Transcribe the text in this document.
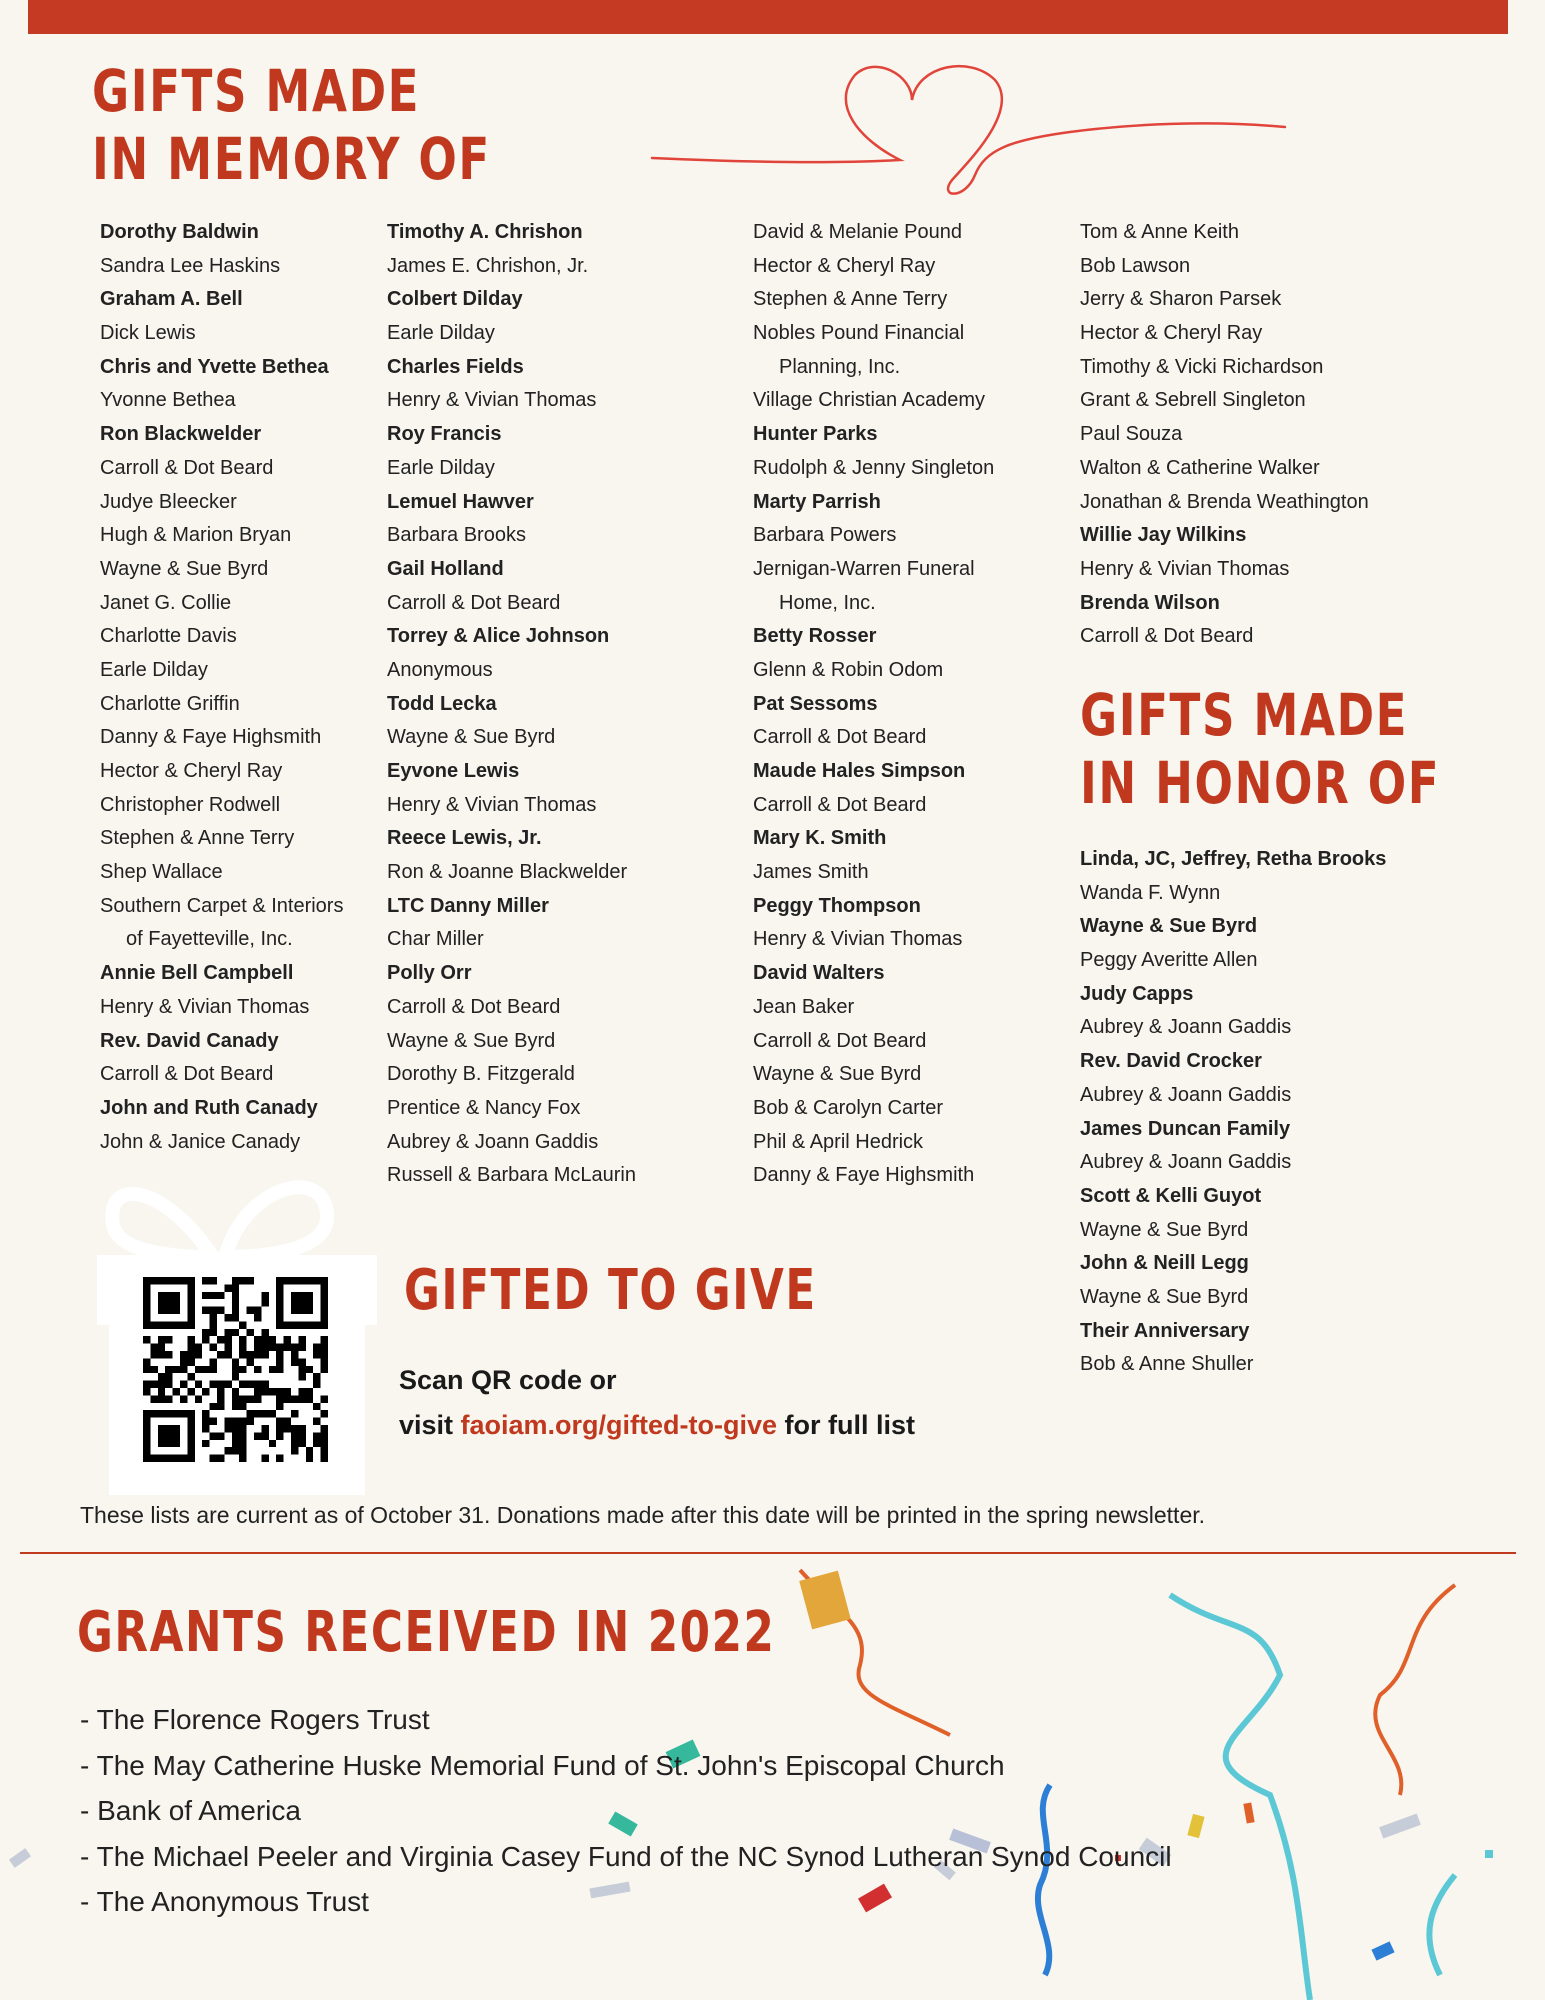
GIFTS MADE
IN MEMORY OF
Dorothy Baldwin
Sandra Lee Haskins
Graham A. Bell
Dick Lewis
Chris and Yvette Bethea
Yvonne Bethea
Ron Blackwelder
Carroll & Dot Beard
Judye Bleecker
Hugh & Marion Bryan
Wayne & Sue Byrd
Janet G. Collie
Charlotte Davis
Earle Dilday
Charlotte Griffin
Danny & Faye Highsmith
Hector & Cheryl Ray
Christopher Rodwell
Stephen & Anne Terry
Shep Wallace
Southern Carpet & Interiors
of Fayetteville, Inc.
Annie Bell Campbell
Henry & Vivian Thomas
Rev. David Canady
Carroll & Dot Beard
John and Ruth Canady
John & Janice Canady
Timothy A. Chrishon
James E. Chrishon, Jr.
Colbert Dilday
Earle Dilday
Charles Fields
Henry & Vivian Thomas
Roy Francis
Earle Dilday
Lemuel Hawver
Barbara Brooks
Gail Holland
Carroll & Dot Beard
Torrey & Alice Johnson
Anonymous
Todd Lecka
Wayne & Sue Byrd
Eyvone Lewis
Henry & Vivian Thomas
Reece Lewis, Jr.
Ron & Joanne Blackwelder
LTC Danny Miller
Char Miller
Polly Orr
Carroll & Dot Beard
Wayne & Sue Byrd
Dorothy B. Fitzgerald
Prentice & Nancy Fox
Aubrey & Joann Gaddis
Russell & Barbara McLaurin
David & Melanie Pound
Hector & Cheryl Ray
Stephen & Anne Terry
Nobles Pound Financial
Planning, Inc.
Village Christian Academy
Hunter Parks
Rudolph & Jenny Singleton
Marty Parrish
Barbara Powers
Jernigan-Warren Funeral
Home, Inc.
Betty Rosser
Glenn & Robin Odom
Pat Sessoms
Carroll & Dot Beard
Maude Hales Simpson
Carroll & Dot Beard
Mary K. Smith
James Smith
Peggy Thompson
Henry & Vivian Thomas
David Walters
Jean Baker
Carroll & Dot Beard
Wayne & Sue Byrd
Bob & Carolyn Carter
Phil & April Hedrick
Danny & Faye Highsmith
Tom & Anne Keith
Bob Lawson
Jerry & Sharon Parsek
Hector & Cheryl Ray
Timothy & Vicki Richardson
Grant & Sebrell Singleton
Paul Souza
Walton & Catherine Walker
Jonathan & Brenda Weathington
Willie Jay Wilkins
Henry & Vivian Thomas
Brenda Wilson
Carroll & Dot Beard
GIFTS MADE
IN HONOR OF
Linda, JC, Jeffrey, Retha Brooks
Wanda F. Wynn
Wayne & Sue Byrd
Peggy Averitte Allen
Judy Capps
Aubrey & Joann Gaddis
Rev. David Crocker
Aubrey & Joann Gaddis
James Duncan Family
Aubrey & Joann Gaddis
Scott & Kelli Guyot
Wayne & Sue Byrd
John & Neill Legg
Wayne & Sue Byrd
Their Anniversary
Bob & Anne Shuller
GIFTED TO GIVE
Scan QR code or
visit faoiam.org/gifted-to-give for full list
These lists are current as of October 31. Donations made after this date will be printed in the spring newsletter.
GRANTS RECEIVED IN 2022
- The Florence Rogers Trust
- The May Catherine Huske Memorial Fund of St. John's Episcopal Church
- Bank of America
- The Michael Peeler and Virginia Casey Fund of the NC Synod Lutheran Synod Council
- The Anonymous Trust
